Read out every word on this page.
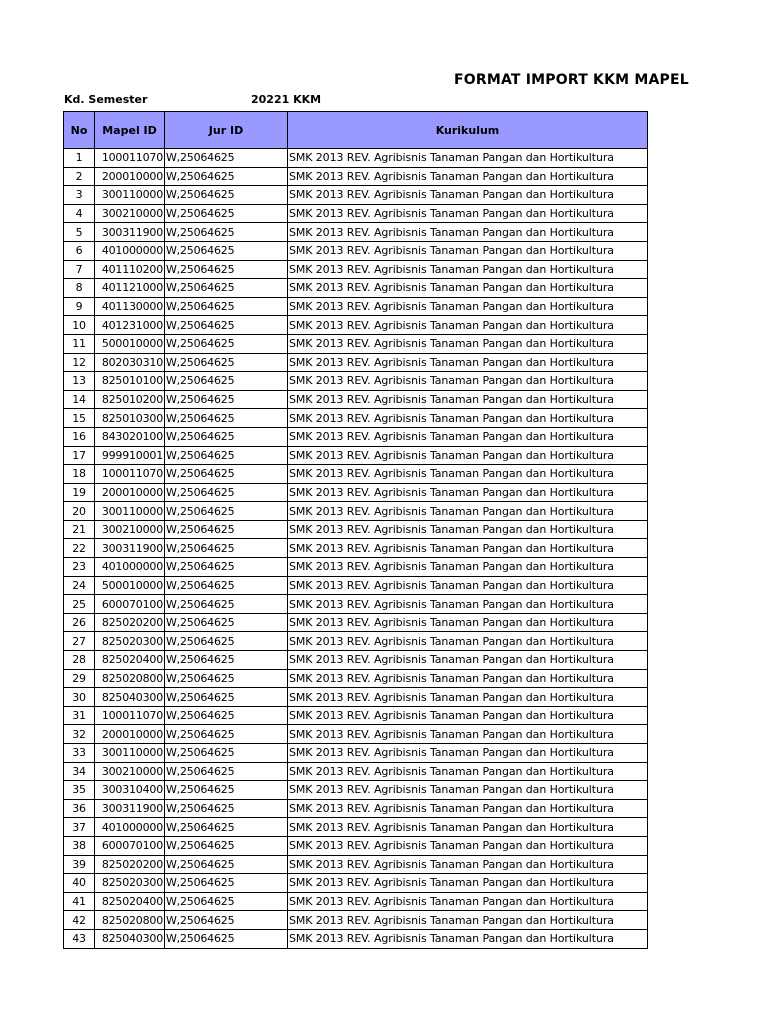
FORMAT IMPORT KKM MAPEL
Kd. Semester	20221 KKM
No	Mapel ID	Jur ID	Kurikulum
1	100011070	W,25064625	SMK 2013 REV. Agribisnis Tanaman Pangan dan Hortikultura
2	200010000	W,25064625	SMK 2013 REV. Agribisnis Tanaman Pangan dan Hortikultura
3	300110000	W,25064625	SMK 2013 REV. Agribisnis Tanaman Pangan dan Hortikultura
4	300210000	W,25064625	SMK 2013 REV. Agribisnis Tanaman Pangan dan Hortikultura
5	300311900	W,25064625	SMK 2013 REV. Agribisnis Tanaman Pangan dan Hortikultura
6	401000000	W,25064625	SMK 2013 REV. Agribisnis Tanaman Pangan dan Hortikultura
7	401110200	W,25064625	SMK 2013 REV. Agribisnis Tanaman Pangan dan Hortikultura
8	401121000	W,25064625	SMK 2013 REV. Agribisnis Tanaman Pangan dan Hortikultura
9	401130000	W,25064625	SMK 2013 REV. Agribisnis Tanaman Pangan dan Hortikultura
10	401231000	W,25064625	SMK 2013 REV. Agribisnis Tanaman Pangan dan Hortikultura
11	500010000	W,25064625	SMK 2013 REV. Agribisnis Tanaman Pangan dan Hortikultura
12	802030310	W,25064625	SMK 2013 REV. Agribisnis Tanaman Pangan dan Hortikultura
13	825010100	W,25064625	SMK 2013 REV. Agribisnis Tanaman Pangan dan Hortikultura
14	825010200	W,25064625	SMK 2013 REV. Agribisnis Tanaman Pangan dan Hortikultura
15	825010300	W,25064625	SMK 2013 REV. Agribisnis Tanaman Pangan dan Hortikultura
16	843020100	W,25064625	SMK 2013 REV. Agribisnis Tanaman Pangan dan Hortikultura
17	999910001	W,25064625	SMK 2013 REV. Agribisnis Tanaman Pangan dan Hortikultura
18	100011070	W,25064625	SMK 2013 REV. Agribisnis Tanaman Pangan dan Hortikultura
19	200010000	W,25064625	SMK 2013 REV. Agribisnis Tanaman Pangan dan Hortikultura
20	300110000	W,25064625	SMK 2013 REV. Agribisnis Tanaman Pangan dan Hortikultura
21	300210000	W,25064625	SMK 2013 REV. Agribisnis Tanaman Pangan dan Hortikultura
22	300311900	W,25064625	SMK 2013 REV. Agribisnis Tanaman Pangan dan Hortikultura
23	401000000	W,25064625	SMK 2013 REV. Agribisnis Tanaman Pangan dan Hortikultura
24	500010000	W,25064625	SMK 2013 REV. Agribisnis Tanaman Pangan dan Hortikultura
25	600070100	W,25064625	SMK 2013 REV. Agribisnis Tanaman Pangan dan Hortikultura
26	825020200	W,25064625	SMK 2013 REV. Agribisnis Tanaman Pangan dan Hortikultura
27	825020300	W,25064625	SMK 2013 REV. Agribisnis Tanaman Pangan dan Hortikultura
28	825020400	W,25064625	SMK 2013 REV. Agribisnis Tanaman Pangan dan Hortikultura
29	825020800	W,25064625	SMK 2013 REV. Agribisnis Tanaman Pangan dan Hortikultura
30	825040300	W,25064625	SMK 2013 REV. Agribisnis Tanaman Pangan dan Hortikultura
31	100011070	W,25064625	SMK 2013 REV. Agribisnis Tanaman Pangan dan Hortikultura
32	200010000	W,25064625	SMK 2013 REV. Agribisnis Tanaman Pangan dan Hortikultura
33	300110000	W,25064625	SMK 2013 REV. Agribisnis Tanaman Pangan dan Hortikultura
34	300210000	W,25064625	SMK 2013 REV. Agribisnis Tanaman Pangan dan Hortikultura
35	300310400	W,25064625	SMK 2013 REV. Agribisnis Tanaman Pangan dan Hortikultura
36	300311900	W,25064625	SMK 2013 REV. Agribisnis Tanaman Pangan dan Hortikultura
37	401000000	W,25064625	SMK 2013 REV. Agribisnis Tanaman Pangan dan Hortikultura
38	600070100	W,25064625	SMK 2013 REV. Agribisnis Tanaman Pangan dan Hortikultura
39	825020200	W,25064625	SMK 2013 REV. Agribisnis Tanaman Pangan dan Hortikultura
40	825020300	W,25064625	SMK 2013 REV. Agribisnis Tanaman Pangan dan Hortikultura
41	825020400	W,25064625	SMK 2013 REV. Agribisnis Tanaman Pangan dan Hortikultura
42	825020800	W,25064625	SMK 2013 REV. Agribisnis Tanaman Pangan dan Hortikultura
43	825040300	W,25064625	SMK 2013 REV. Agribisnis Tanaman Pangan dan Hortikultura
